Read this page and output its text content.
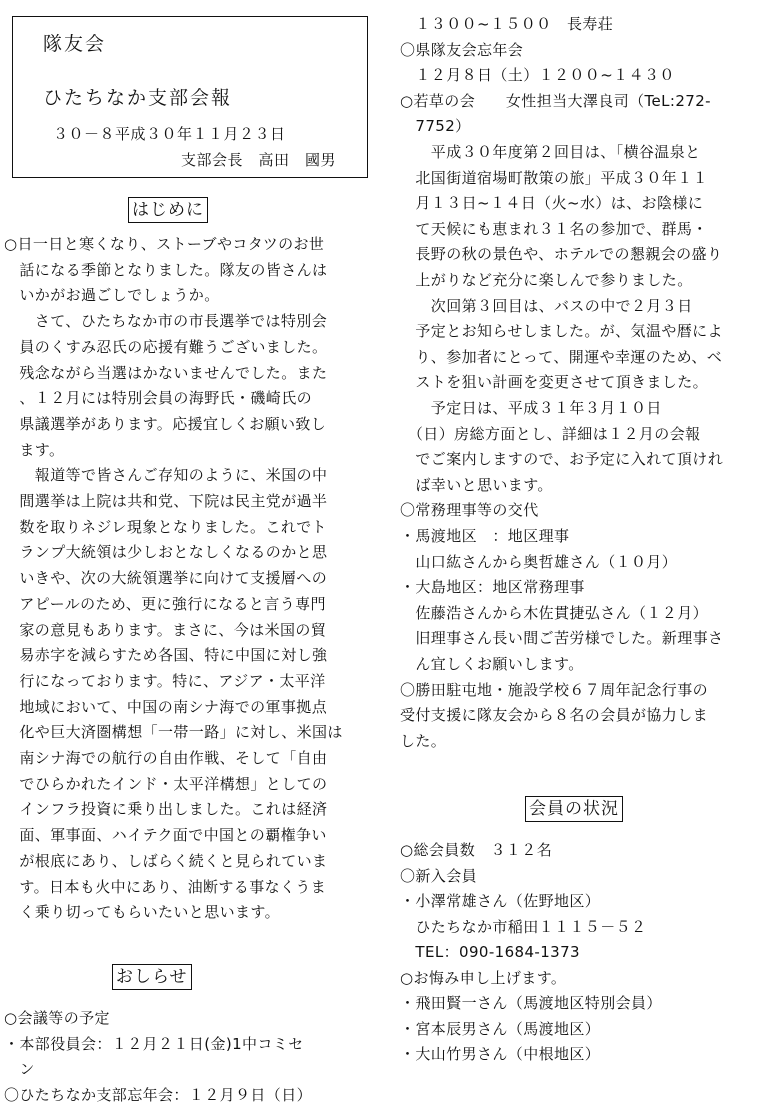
隊友会
ひたちなか支部会報
３０－８平成３０年１１月２３日
支部会長　高田　國男
はじめに
○日一日と寒くなり、ストーブやコタツのお世
　話になる季節となりました。隊友の皆さんは
　いかがお過ごしでしょうか。
　　さて、ひたちなか市の市長選挙では特別会
　員のくすみ忍氏の応援有難うございました。
　残念ながら当選はかないませんでした。また
　、１２月には特別会員の海野氏・磯崎氏の
　県議選挙があります。応援宜しくお願い致し
　ます。
　　報道等で皆さんご存知のように、米国の中
　間選挙は上院は共和党、下院は民主党が過半
　数を取りネジレ現象となりました。これでト
　ランプ大統領は少しおとなしくなるのかと思
　いきや、次の大統領選挙に向けて支援層への
　アピールのため、更に強行になると言う専門
　家の意見もあります。まさに、今は米国の貿
　易赤字を減らすため各国、特に中国に対し強
　行になっております。特に、アジア・太平洋
　地域において、中国の南シナ海での軍事拠点
　化や巨大済圏構想「一帯一路」に対し、米国は
　南シナ海での航行の自由作戦、そして「自由
　でひらかれたインド・太平洋構想」としての
　インフラ投資に乗り出しました。これは経済
　面、軍事面、ハイテク面で中国との覇権争い
　が根底にあり、しばらく続くと見られていま
　す。日本も火中にあり、油断する事なくうま
　く乗り切ってもらいたいと思います。
おしらせ
○会議等の予定
・本部役員会：１２月２１日(金)1中コミセ
　ン
〇ひたちなか支部忘年会：１２月９日（日）
　１３００~１５００　長寿荘
〇県隊友会忘年会
　１２月８日（土）１２００~１４３０
○若草の会　　女性担当大澤良司（TeL:272-
　7752）
　　平成３０年度第２回目は、「横谷温泉と
　北国街道宿場町散策の旅」平成３０年１１
　月１３日~１４日（火~水）は、お陰様に
　て天候にも恵まれ３１名の参加で、群馬・
　長野の秋の景色や、ホテルでの懇親会の盛り
　上がりなど充分に楽しんで参りました。
　　次回第３回目は、バスの中で２月３日
　予定とお知らせしました。が、気温や暦によ
　り、参加者にとって、開運や幸運のため、ベ
　ストを狙い計画を変更させて頂きました。
　　予定日は、平成３１年３月１０日
　（日）房総方面とし、詳細は１２月の会報
　でご案内しますので、お予定に入れて頂けれ
　ば幸いと思います。
〇常務理事等の交代
・馬渡地区　：地区理事
　山口紘さんから奥哲雄さん（１０月）
・大島地区：地区常務理事
　佐藤浩さんから木佐貫捷弘さん（１２月）
　旧理事さん長い間ご苦労様でした。新理事さ
　ん宜しくお願いします。
〇勝田駐屯地・施設学校６７周年記念行事の
受付支援に隊友会から８名の会員が協力しま
した。
会員の状況
○総会員数　３１２名
〇新入会員
・小澤常雄さん（佐野地区）
　ひたちなか市稲田１１１５－５２
　TEL：090-1684-1373
○お悔み申し上げます。
・飛田賢一さん（馬渡地区特別会員）
・宮本辰男さん（馬渡地区）
・大山竹男さん（中根地区）
